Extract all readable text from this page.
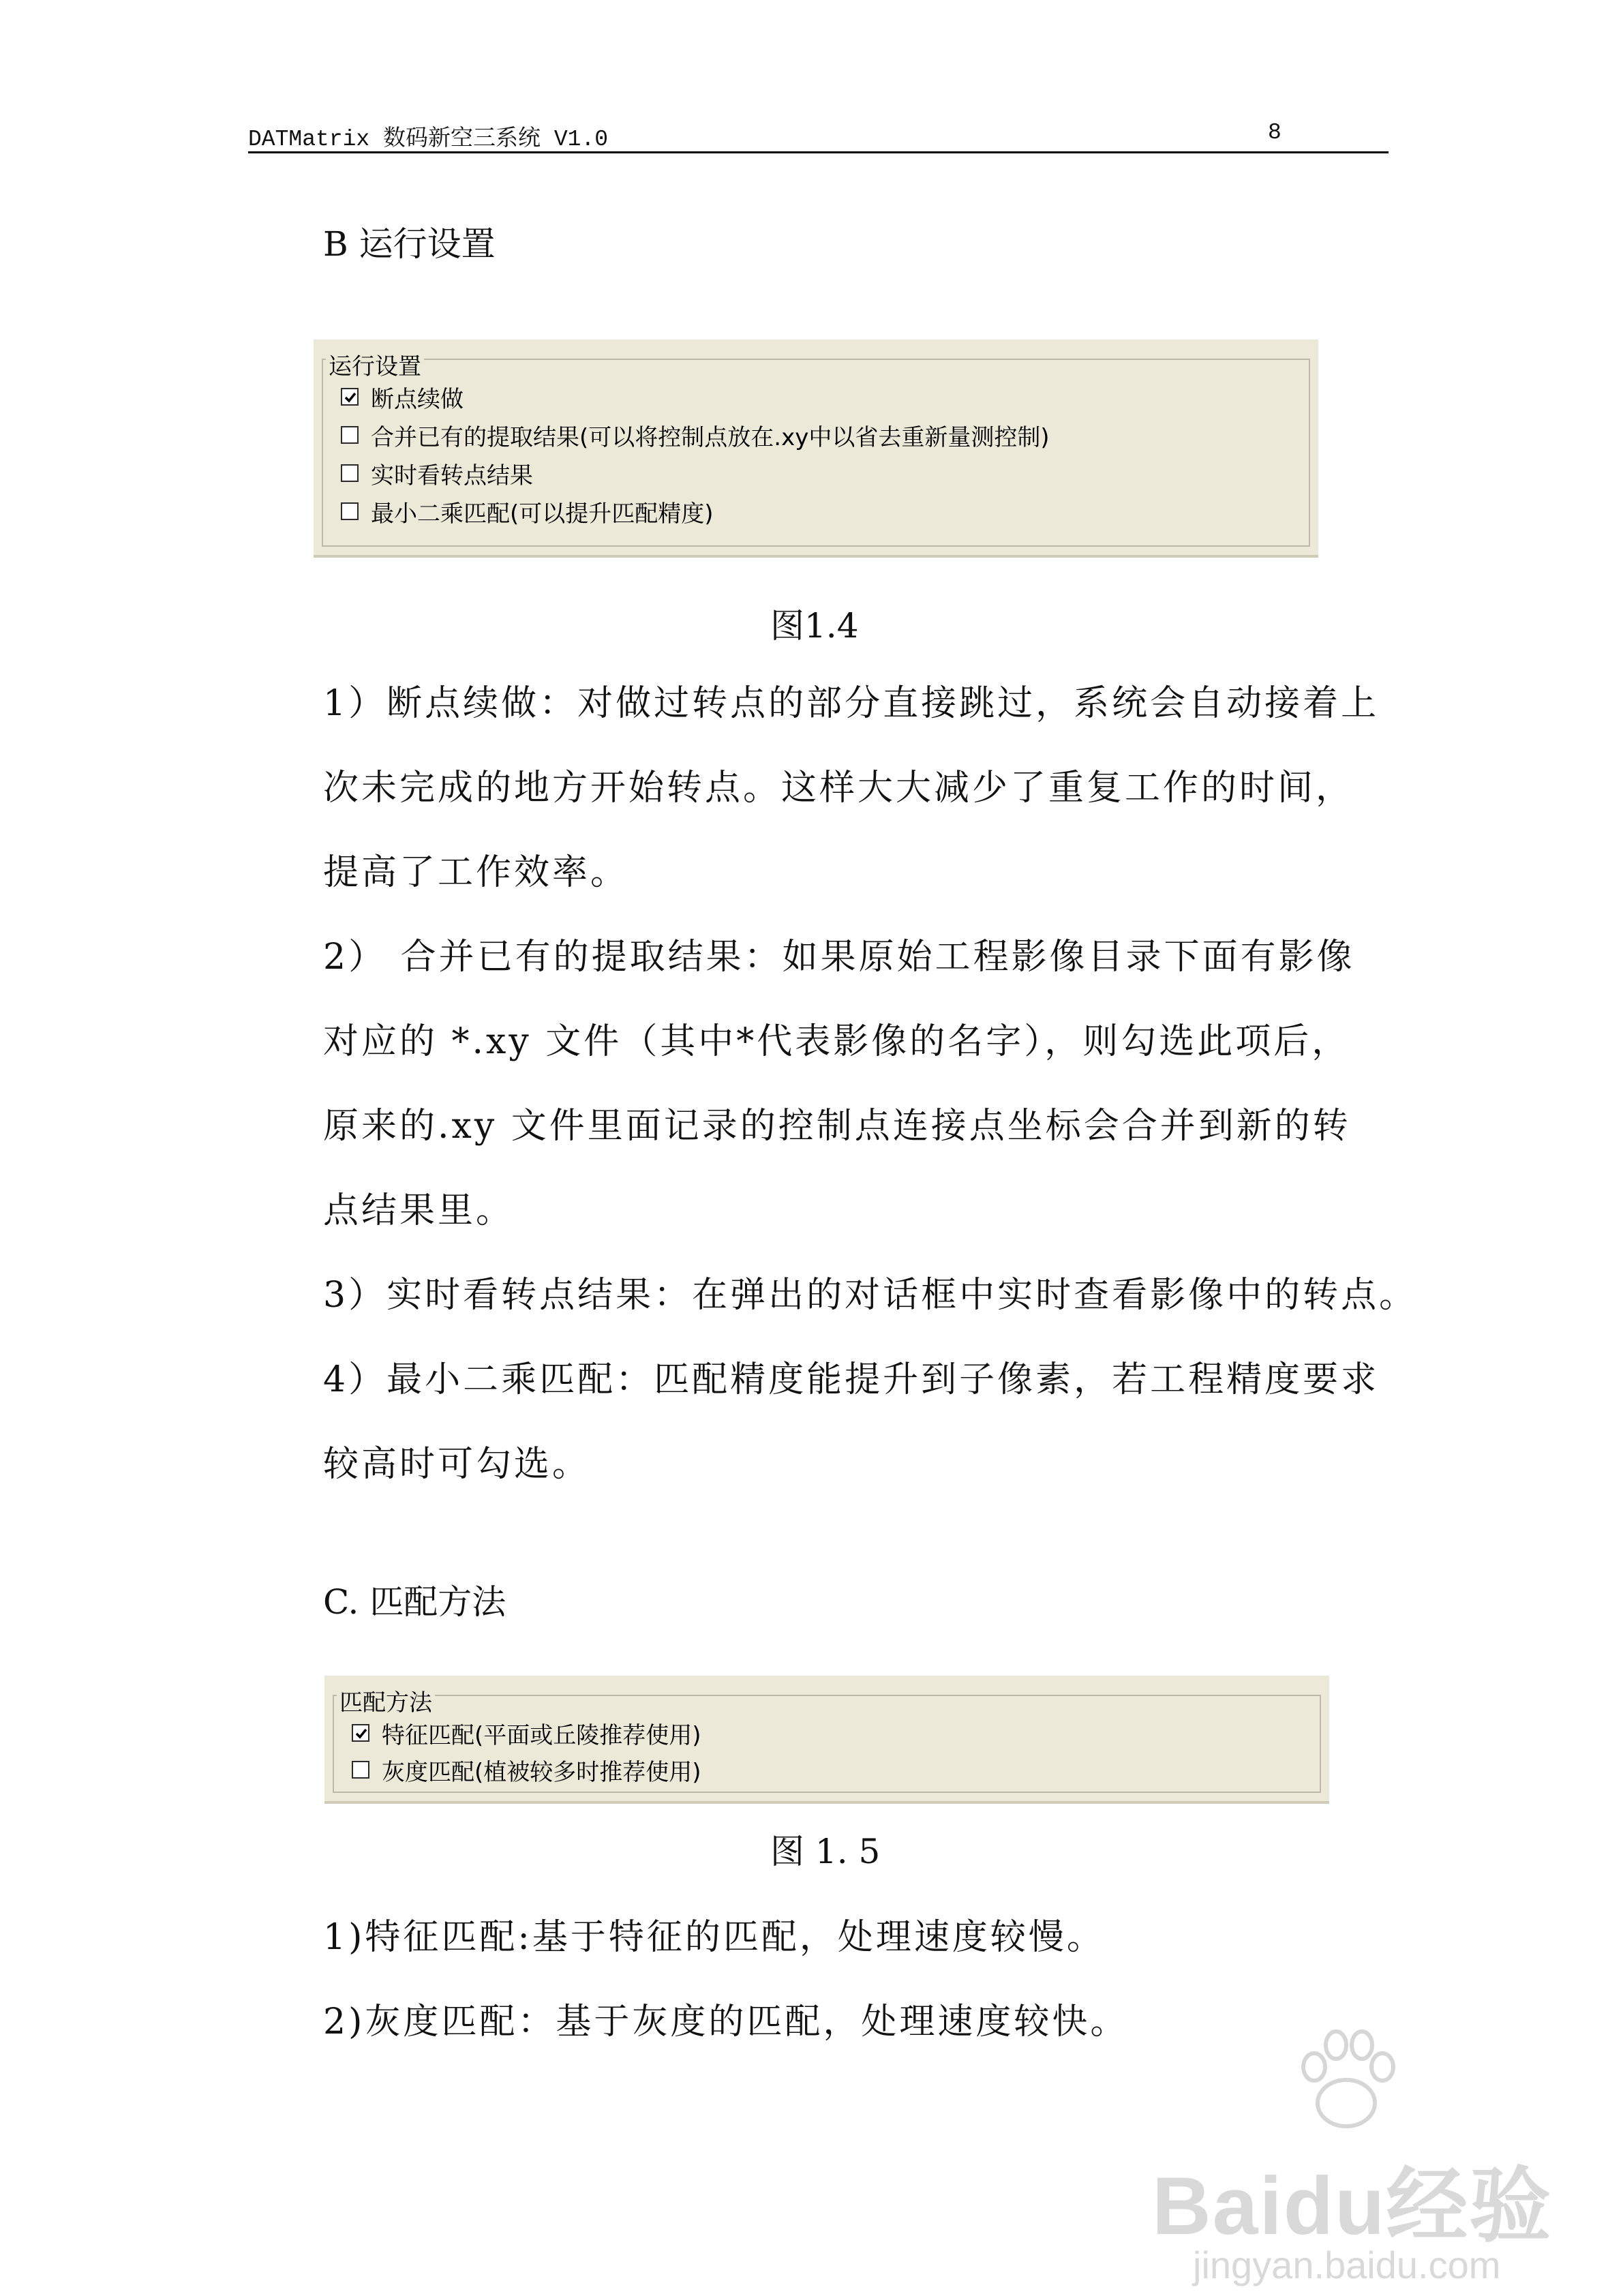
DATMatrix 数码新空三系统 V1.0	8
B 运行设置
运行设置
断点续做
合并已有的提取结果(可以将控制点放在.xy中以省去重新量测控制)
实时看转点结果
最小二乘匹配(可以提升匹配精度)
图1.4
1）断点续做：对做过转点的部分直接跳过，系统会自动接着上次未完成的地方开始转点。这样大大减少了重复工作的时间，提高了工作效率。
2） 合并已有的提取结果：如果原始工程影像目录下面有影像对应的 *.xy 文件（其中*代表影像的名字），则勾选此项后，原来的.xy 文件里面记录的控制点连接点坐标会合并到新的转点结果里。
3）实时看转点结果：在弹出的对话框中实时查看影像中的转点。
4）最小二乘匹配：匹配精度能提升到子像素，若工程精度要求较高时可勾选。
C. 匹配方法
匹配方法
特征匹配(平面或丘陵推荐使用)
灰度匹配(植被较多时推荐使用)
图 1. 5
1)特征匹配:基于特征的匹配，处理速度较慢。
2)灰度匹配：基于灰度的匹配，处理速度较快。
Baidu经验
jingyan.baidu.com
